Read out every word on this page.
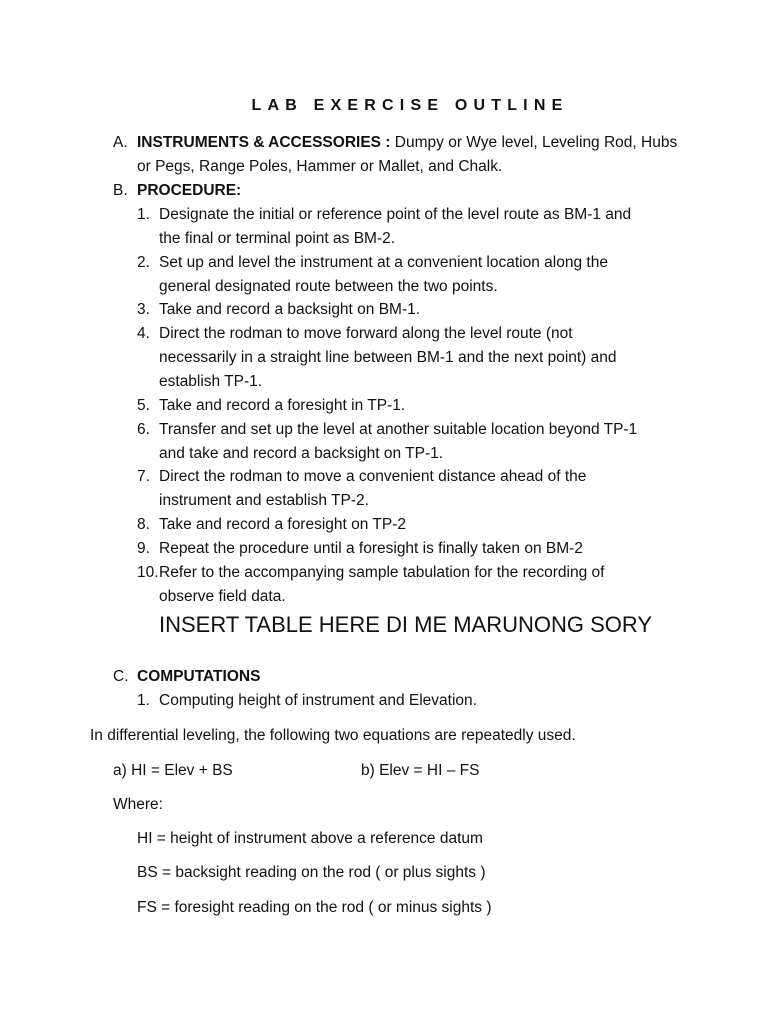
LAB EXERCISE OUTLINE
A. INSTRUMENTS & ACCESSORIES : Dumpy or Wye level, Leveling Rod, Hubs
or Pegs, Range Poles, Hammer or Mallet, and Chalk.
B. PROCEDURE:
1. Designate the initial or reference point of the level route as BM-1 and
the final or terminal point as BM-2.
2. Set up and level the instrument at a convenient location along the
general designated route between the two points.
3. Take and record a backsight on BM-1.
4. Direct the rodman to move forward along the level route (not
necessarily in a straight line between BM-1 and the next point) and
establish TP-1.
5. Take and record a foresight in TP-1.
6. Transfer and set up the level at another suitable location beyond TP-1
and take and record a backsight on TP-1.
7. Direct the rodman to move a convenient distance ahead of the
instrument and establish TP-2.
8. Take and record a foresight on TP-2
9. Repeat the procedure until a foresight is finally taken on BM-2
10. Refer to the accompanying sample tabulation for the recording of
observe field data.
INSERT TABLE HERE DI ME MARUNONG SORY
C. COMPUTATIONS
1. Computing height of instrument and Elevation.
In differential leveling, the following two equations are repeatedly used.
a) HI = Elev + BS	b) Elev = HI – FS
Where:
HI = height of instrument above a reference datum
BS = backsight reading on the rod ( or plus sights )
FS = foresight reading on the rod ( or minus sights )
